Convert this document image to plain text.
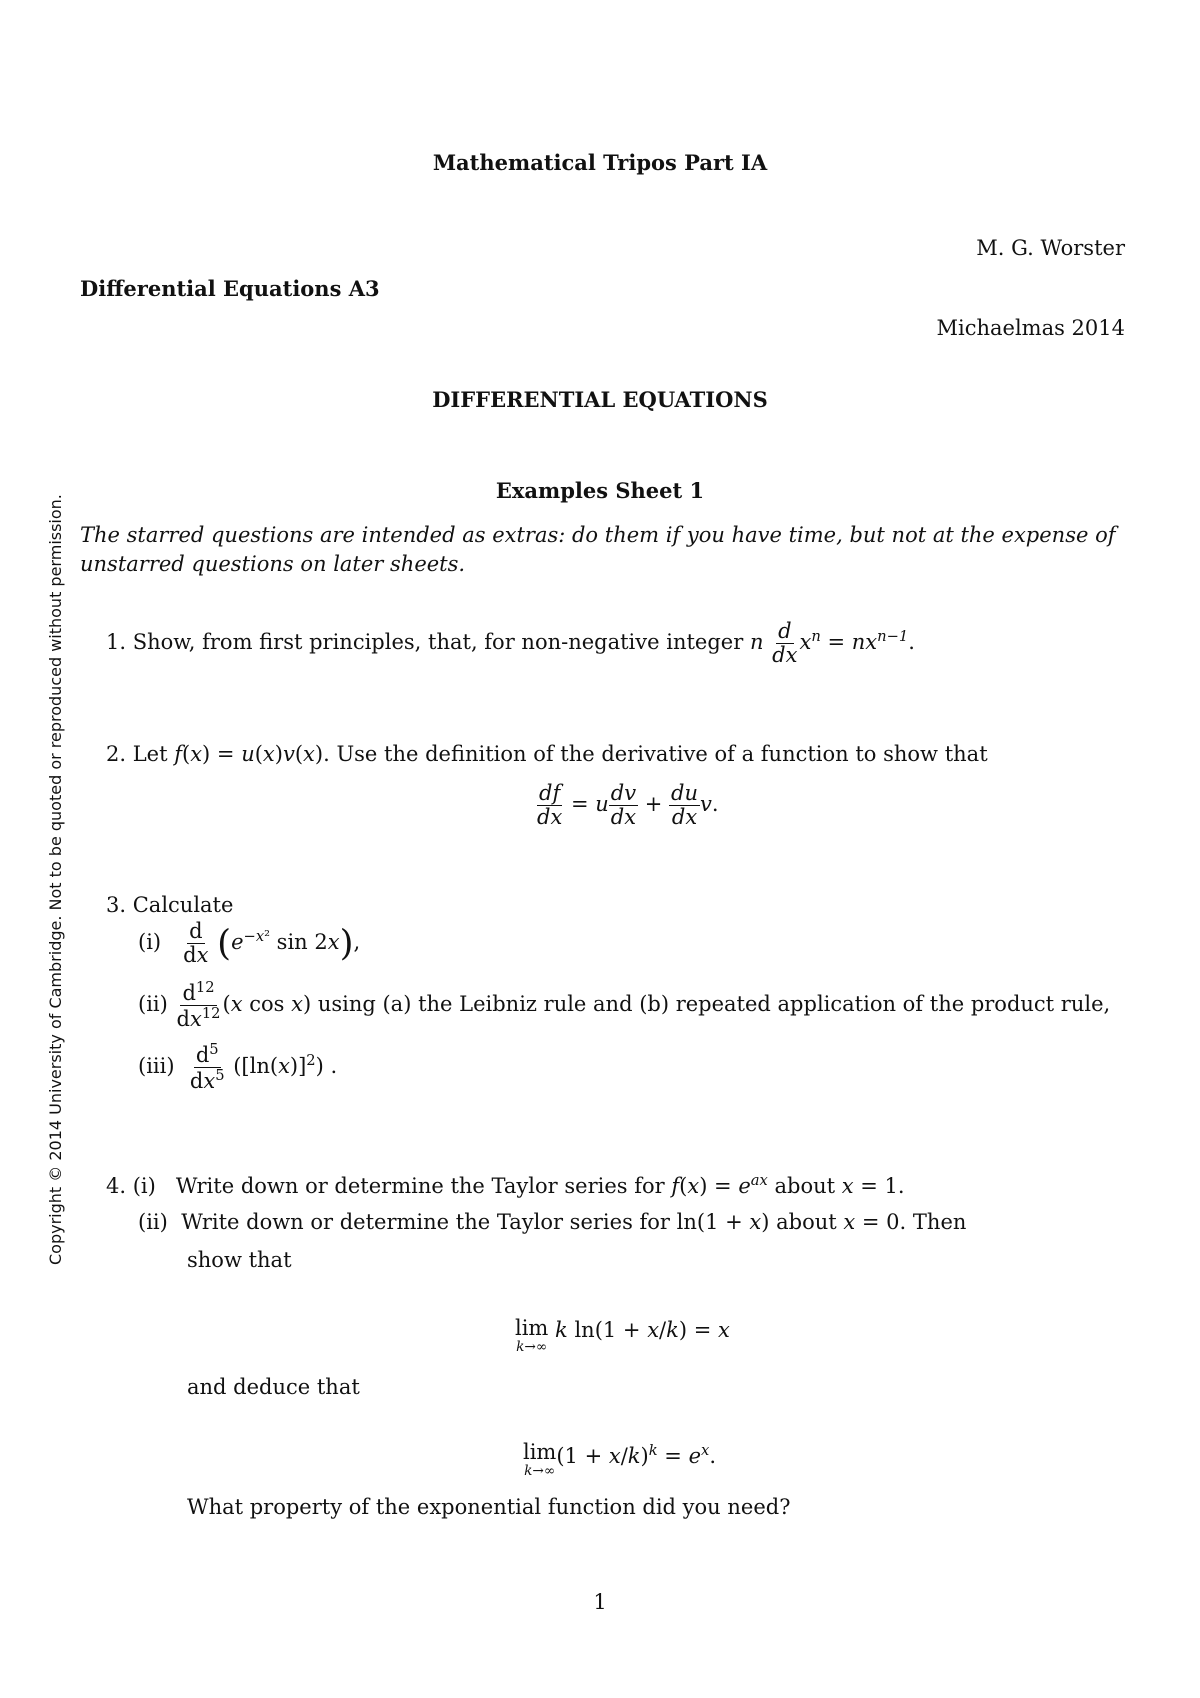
Copyright © 2014 University of Cambridge. Not to be quoted or reproduced without permission.
Mathematical Tripos Part IA
M. G. Worster
Differential Equations A3
Michaelmas 2014
DIFFERENTIAL EQUATIONS
Examples Sheet 1
The starred questions are intended as extras: do them if you have time, but not at the expense of unstarred questions on later sheets.
1. Show, from first principles, that, for non-negative integer n $\frac{d}{dx} x^n = nx^{n-1}$.
2. Let f(x) = u(x)v(x). Use the definition of the derivative of a function to show that
$\frac{df}{dx} = u \frac{dv}{dx} + \frac{du}{dx} v$.
3. Calculate
$(i) \frac{d}{dx} (e^{-x^2}$ sin 2x),
$(ii) \frac{d^{12}}{dx^{12}} (x$ cos x) using (a) the Leibniz rule and (b) repeated application of the product rule,
$(iii) \frac{d^5}{dx^5} ([\ln(x)]^2)$ .
4. (i) Write down or determine the Taylor series for $f(x) = e^{ax}$ about x = 1.
(ii) Write down or determine the Taylor series for ln(1 + x) about x = 0. Then
show that
lim
k→∞
k ln(1 + x/k) = x
and deduce that
lim
k→∞
$(1 + x/k)^k = e^x$.
What property of the exponential function did you need?
1
